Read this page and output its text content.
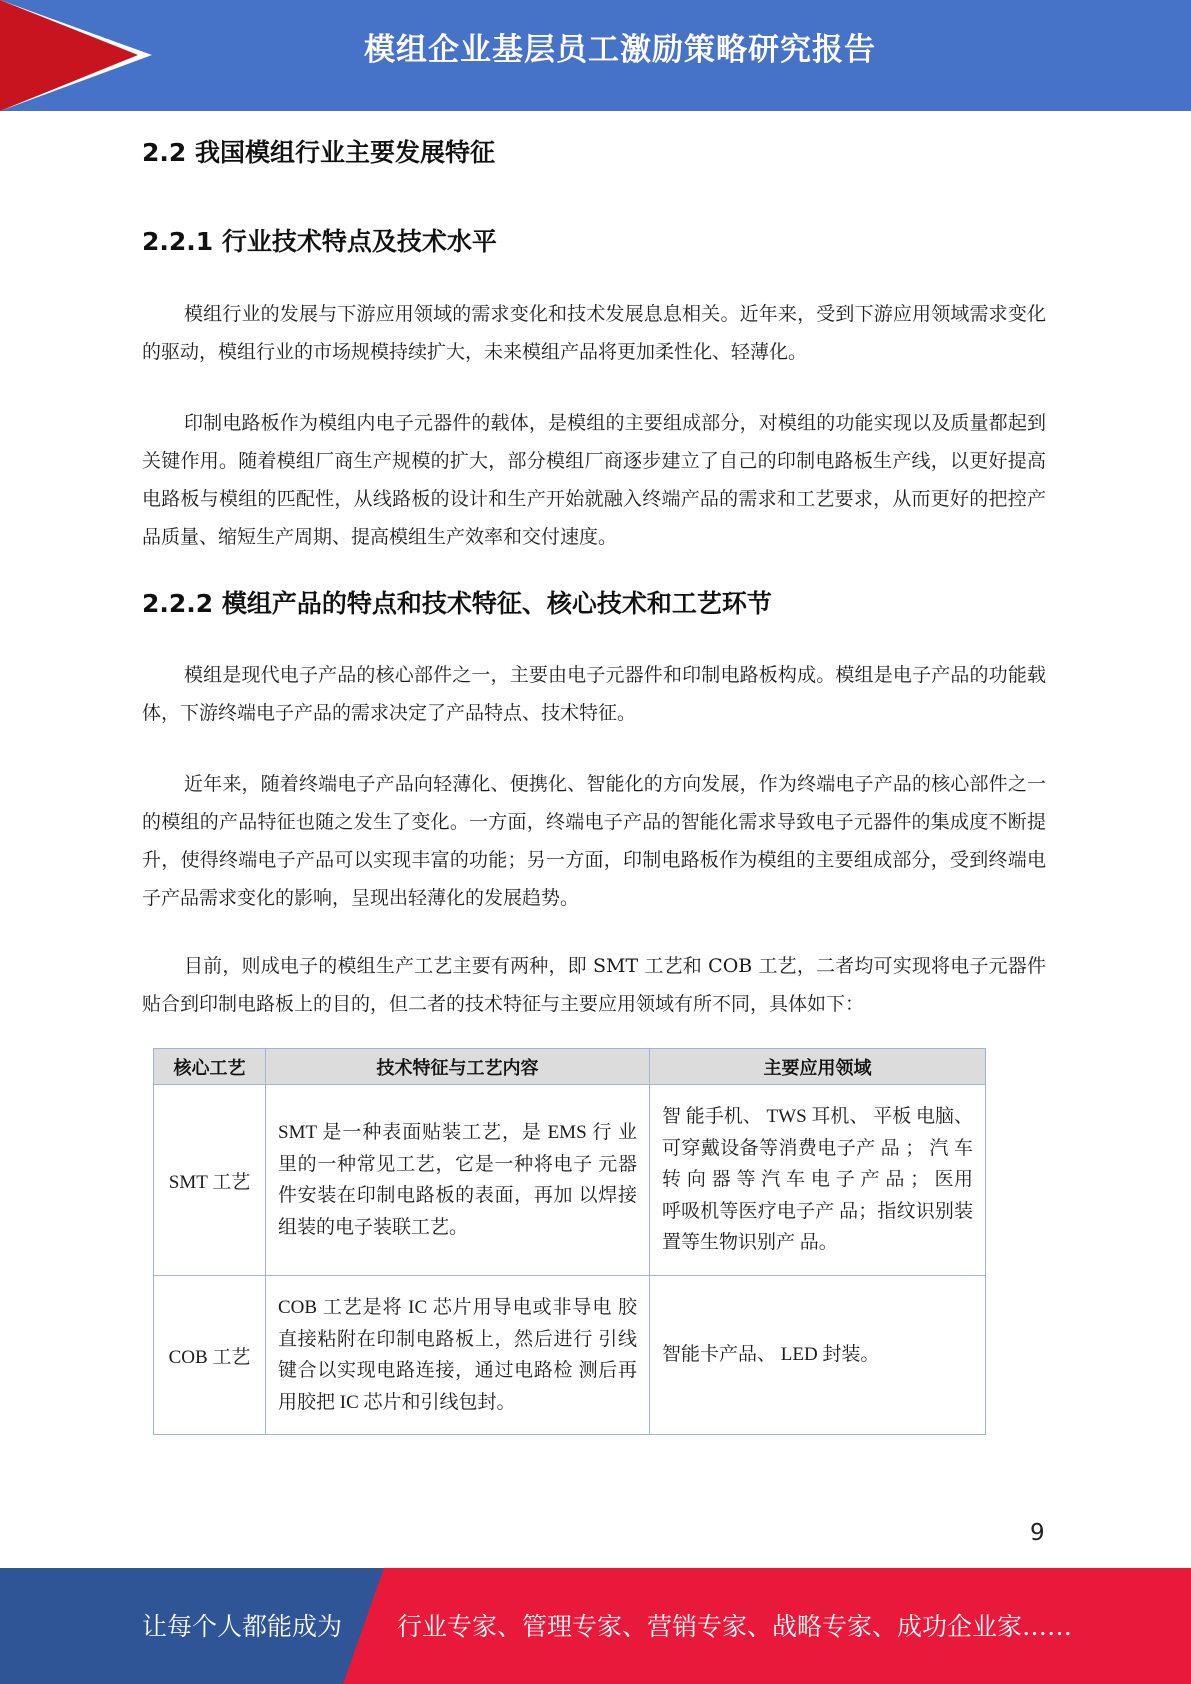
模组企业基层员工激励策略研究报告
2.2 我国模组行业主要发展特征
2.2.1 行业技术特点及技术水平

模组行业的发展与下游应用领域的需求变化和技术发展息息相关。近年来，受到下游应用领域需求变化的驱动，模组行业的市场规模持续扩大，未来模组产品将更加柔性化、轻薄化。

印制电路板作为模组内电子元器件的载体，是模组的主要组成部分，对模组的功能实现以及质量都起到关键作用。随着模组厂商生产规模的扩大，部分模组厂商逐步建立了自己的印制电路板生产线，以更好提高电路板与模组的匹配性，从线路板的设计和生产开始就融入终端产品的需求和工艺要求，从而更好的把控产品质量、缩短生产周期、提高模组生产效率和交付速度。

2.2.2 模组产品的特点和技术特征、核心技术和工艺环节

模组是现代电子产品的核心部件之一，主要由电子元器件和印制电路板构成。模组是电子产品的功能载体，下游终端电子产品的需求决定了产品特点、技术特征。

近年来，随着终端电子产品向轻薄化、便携化、智能化的方向发展，作为终端电子产品的核心部件之一的模组的产品特征也随之发生了变化。一方面，终端电子产品的智能化需求导致电子元器件的集成度不断提升，使得终端电子产品可以实现丰富的功能；另一方面，印制电路板作为模组的主要组成部分，受到终端电子产品需求变化的影响，呈现出轻薄化的发展趋势。

目前，则成电子的模组生产工艺主要有两种，即 SMT 工艺和 COB 工艺，二者均可实现将电子元器件贴合到印制电路板上的目的，但二者的技术特征与主要应用领域有所不同，具体如下：

核心工艺	技术特征与工艺内容	主要应用领域
SMT 工艺	SMT 是一种表面贴装工艺，是 EMS 行 业里的一种常见工艺，它是一种将电子 元器件安装在印制电路板的表面，再加 以焊接组装的电子装联工艺。	智 能手机、 TWS 耳机、 平板 电脑、可穿戴设备等消费电子产 品 ； 汽 车 转 向 器 等 汽 车 电 子 产 品 ； 医用呼吸机等医疗电子产 品；指纹识别装置等生物识别产 品。
COB 工艺	COB 工艺是将 IC 芯片用导电或非导电 胶直接粘附在印制电路板上，然后进行 引线键合以实现电路连接，通过电路检 测后再用胶把 IC 芯片和引线包封。	智能卡产品、 LED 封装。
9
让每个人都能成为 行业专家、管理专家、营销专家、战略专家、成功企业家……
